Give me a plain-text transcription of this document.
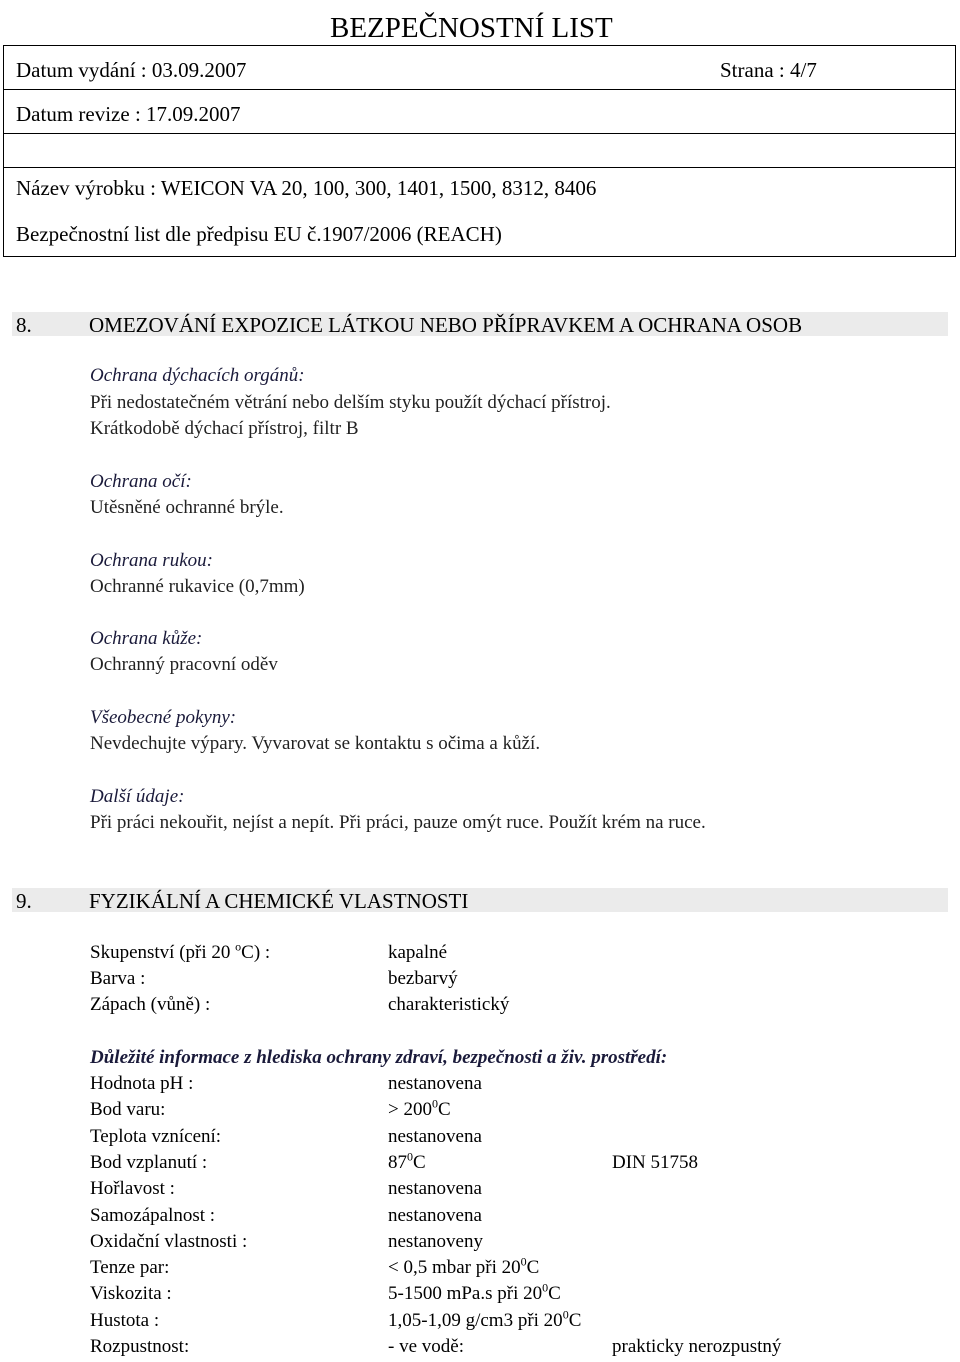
BEZPEČNOSTNÍ LIST
Datum vydání : 03.09.2007	Strana : 4/7
Datum revize : 17.09.2007
Název výrobku : WEICON VA 20, 100, 300, 1401, 1500, 8312, 8406
Bezpečnostní list dle předpisu EU č.1907/2006 (REACH)
8.	OMEZOVÁNÍ EXPOZICE LÁTKOU NEBO PŘÍPRAVKEM A OCHRANA OSOB
Ochrana dýchacích orgánů:
Při nedostatečném větrání nebo delším styku použít dýchací přístroj.
Krátkodobě dýchací přístroj, filtr B
Ochrana očí:
Utěsněné ochranné brýle.
Ochrana rukou:
Ochranné rukavice (0,7mm)
Ochrana kůže:
Ochranný pracovní oděv
Všeobecné pokyny:
Nevdechujte výpary. Vyvarovat se kontaktu s očima a kůží.
Další údaje:
Při práci nekouřit, nejíst a nepít. Při práci, pauze omýt ruce. Použít krém na ruce.
9.	FYZIKÁLNÍ A CHEMICKÉ VLASTNOSTI
Skupenství (při 20 $^o$C) :	kapalné
Barva :	bezbarvý
Zápach (vůně) :	charakteristický
Důležité informace z hlediska ochrany zdraví, bezpečnosti a živ. prostředí:
Hodnota pH :	nestanovena
Bod varu:	> $200^0C$
Teplota vznícení:	nestanovena
Bod vzplanutí :	$87^0C$	DIN 51758
Hořlavost :	nestanovena
Samozápalnost :	nestanovena
Oxidační vlastnosti :	nestanoveny
Tenze par:	< 0,5 mbar při $20^0C$
Viskozita :	5-1500 mPa.s při $20^0C$
Hustota :	1,05-1,09 g/cm3 při $20^0C$
Rozpustnost:	- ve vodě:	prakticky nerozpustný
